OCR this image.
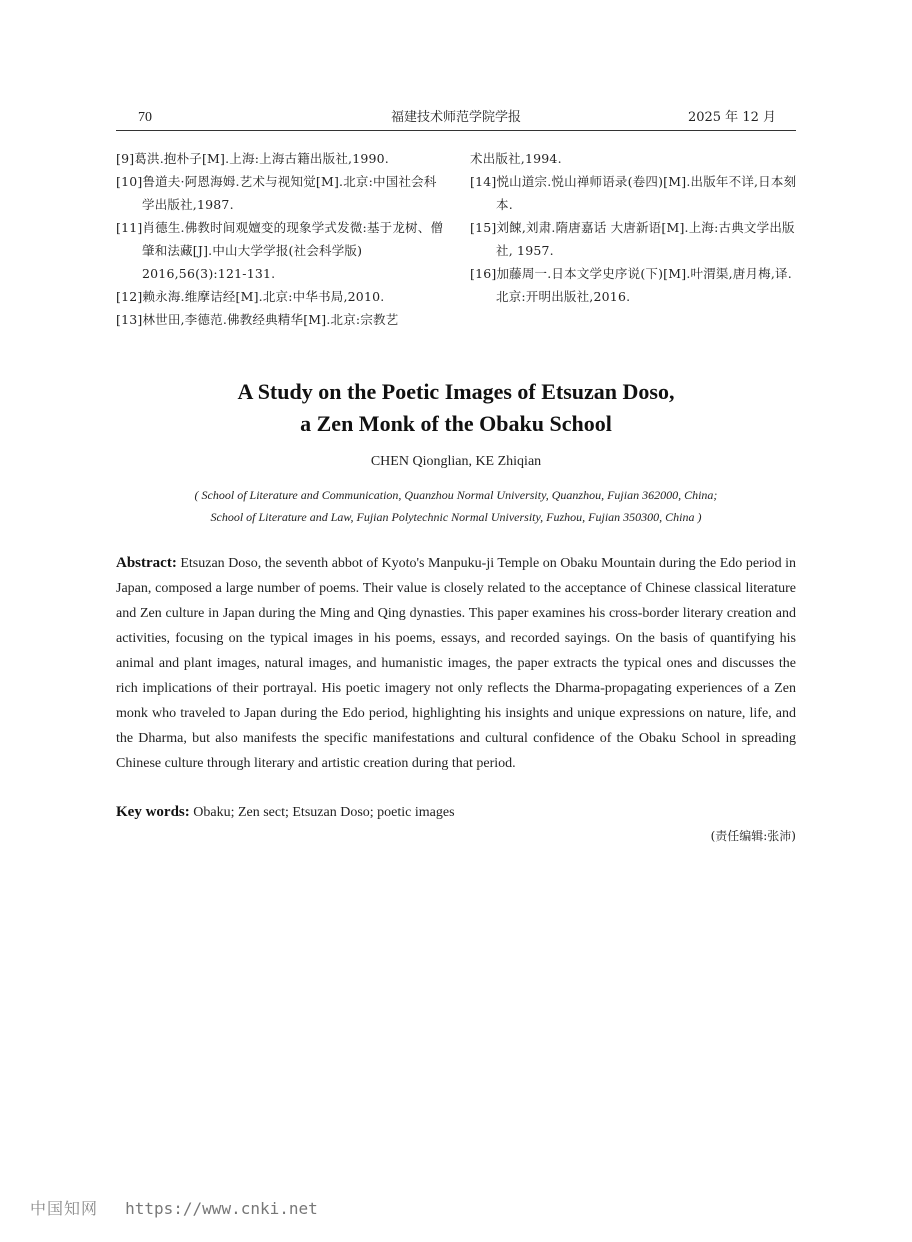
70	福建技术师范学院学报	2025 年 12 月

[9]葛洪.抱朴子[M].上海:上海古籍出版社,1990.

[10]鲁道夫·阿恩海姆.艺术与视知觉[M].北京:中国社会科学出版社,1987.

[11]肖德生.佛教时间观嬗变的现象学式发微:基于龙树、僧肇和法藏[J].中山大学学报(社会科学版) 2016,56(3):121-131.

[12]赖永海.维摩诘经[M].北京:中华书局,2010.

[13]林世田,李德范.佛教经典精华[M].北京:宗教艺

术出版社,1994.

[14]悦山道宗.悦山禅师语录(卷四)[M].出版年不详,日本刻本.

[15]刘餗,刘肃.隋唐嘉话 大唐新语[M].上海:古典文学出版社, 1957.

[16]加藤周一.日本文学史序说(下)[M].叶渭渠,唐月梅,译.北京:开明出版社,2016.

A Study on the Poetic Images of Etsuzan Doso,
a Zen Monk of the Obaku School
CHEN Qionglian, KE Zhiqian
( School of Literature and Communication, Quanzhou Normal University, Quanzhou, Fujian 362000, China;
School of Literature and Law, Fujian Polytechnic Normal University, Fuzhou, Fujian 350300, China )

Abstract: Etsuzan Doso, the seventh abbot of Kyoto's Manpuku-ji Temple on Obaku Mountain during the Edo period in Japan, composed a large number of poems. Their value is closely related to the acceptance of Chinese classical literature and Zen culture in Japan during the Ming and Qing dynasties. This paper examines his cross-border literary creation and activities, focusing on the typical images in his poems, essays, and recorded sayings. On the basis of quantifying his animal and plant images, natural images, and humanistic images, the paper extracts the typical ones and discusses the rich implications of their portrayal. His poetic imagery not only reflects the Dharma-propagating experiences of a Zen monk who traveled to Japan during the Edo period, highlighting his insights and unique expressions on nature, life, and the Dharma, but also manifests the specific manifestations and cultural confidence of the Obaku School in spreading Chinese culture through literary and artistic creation during that period.

Key words: Obaku; Zen sect; Etsuzan Doso; poetic images

(责任编辑:张沛)
中国知网 https://www.cnki.net
